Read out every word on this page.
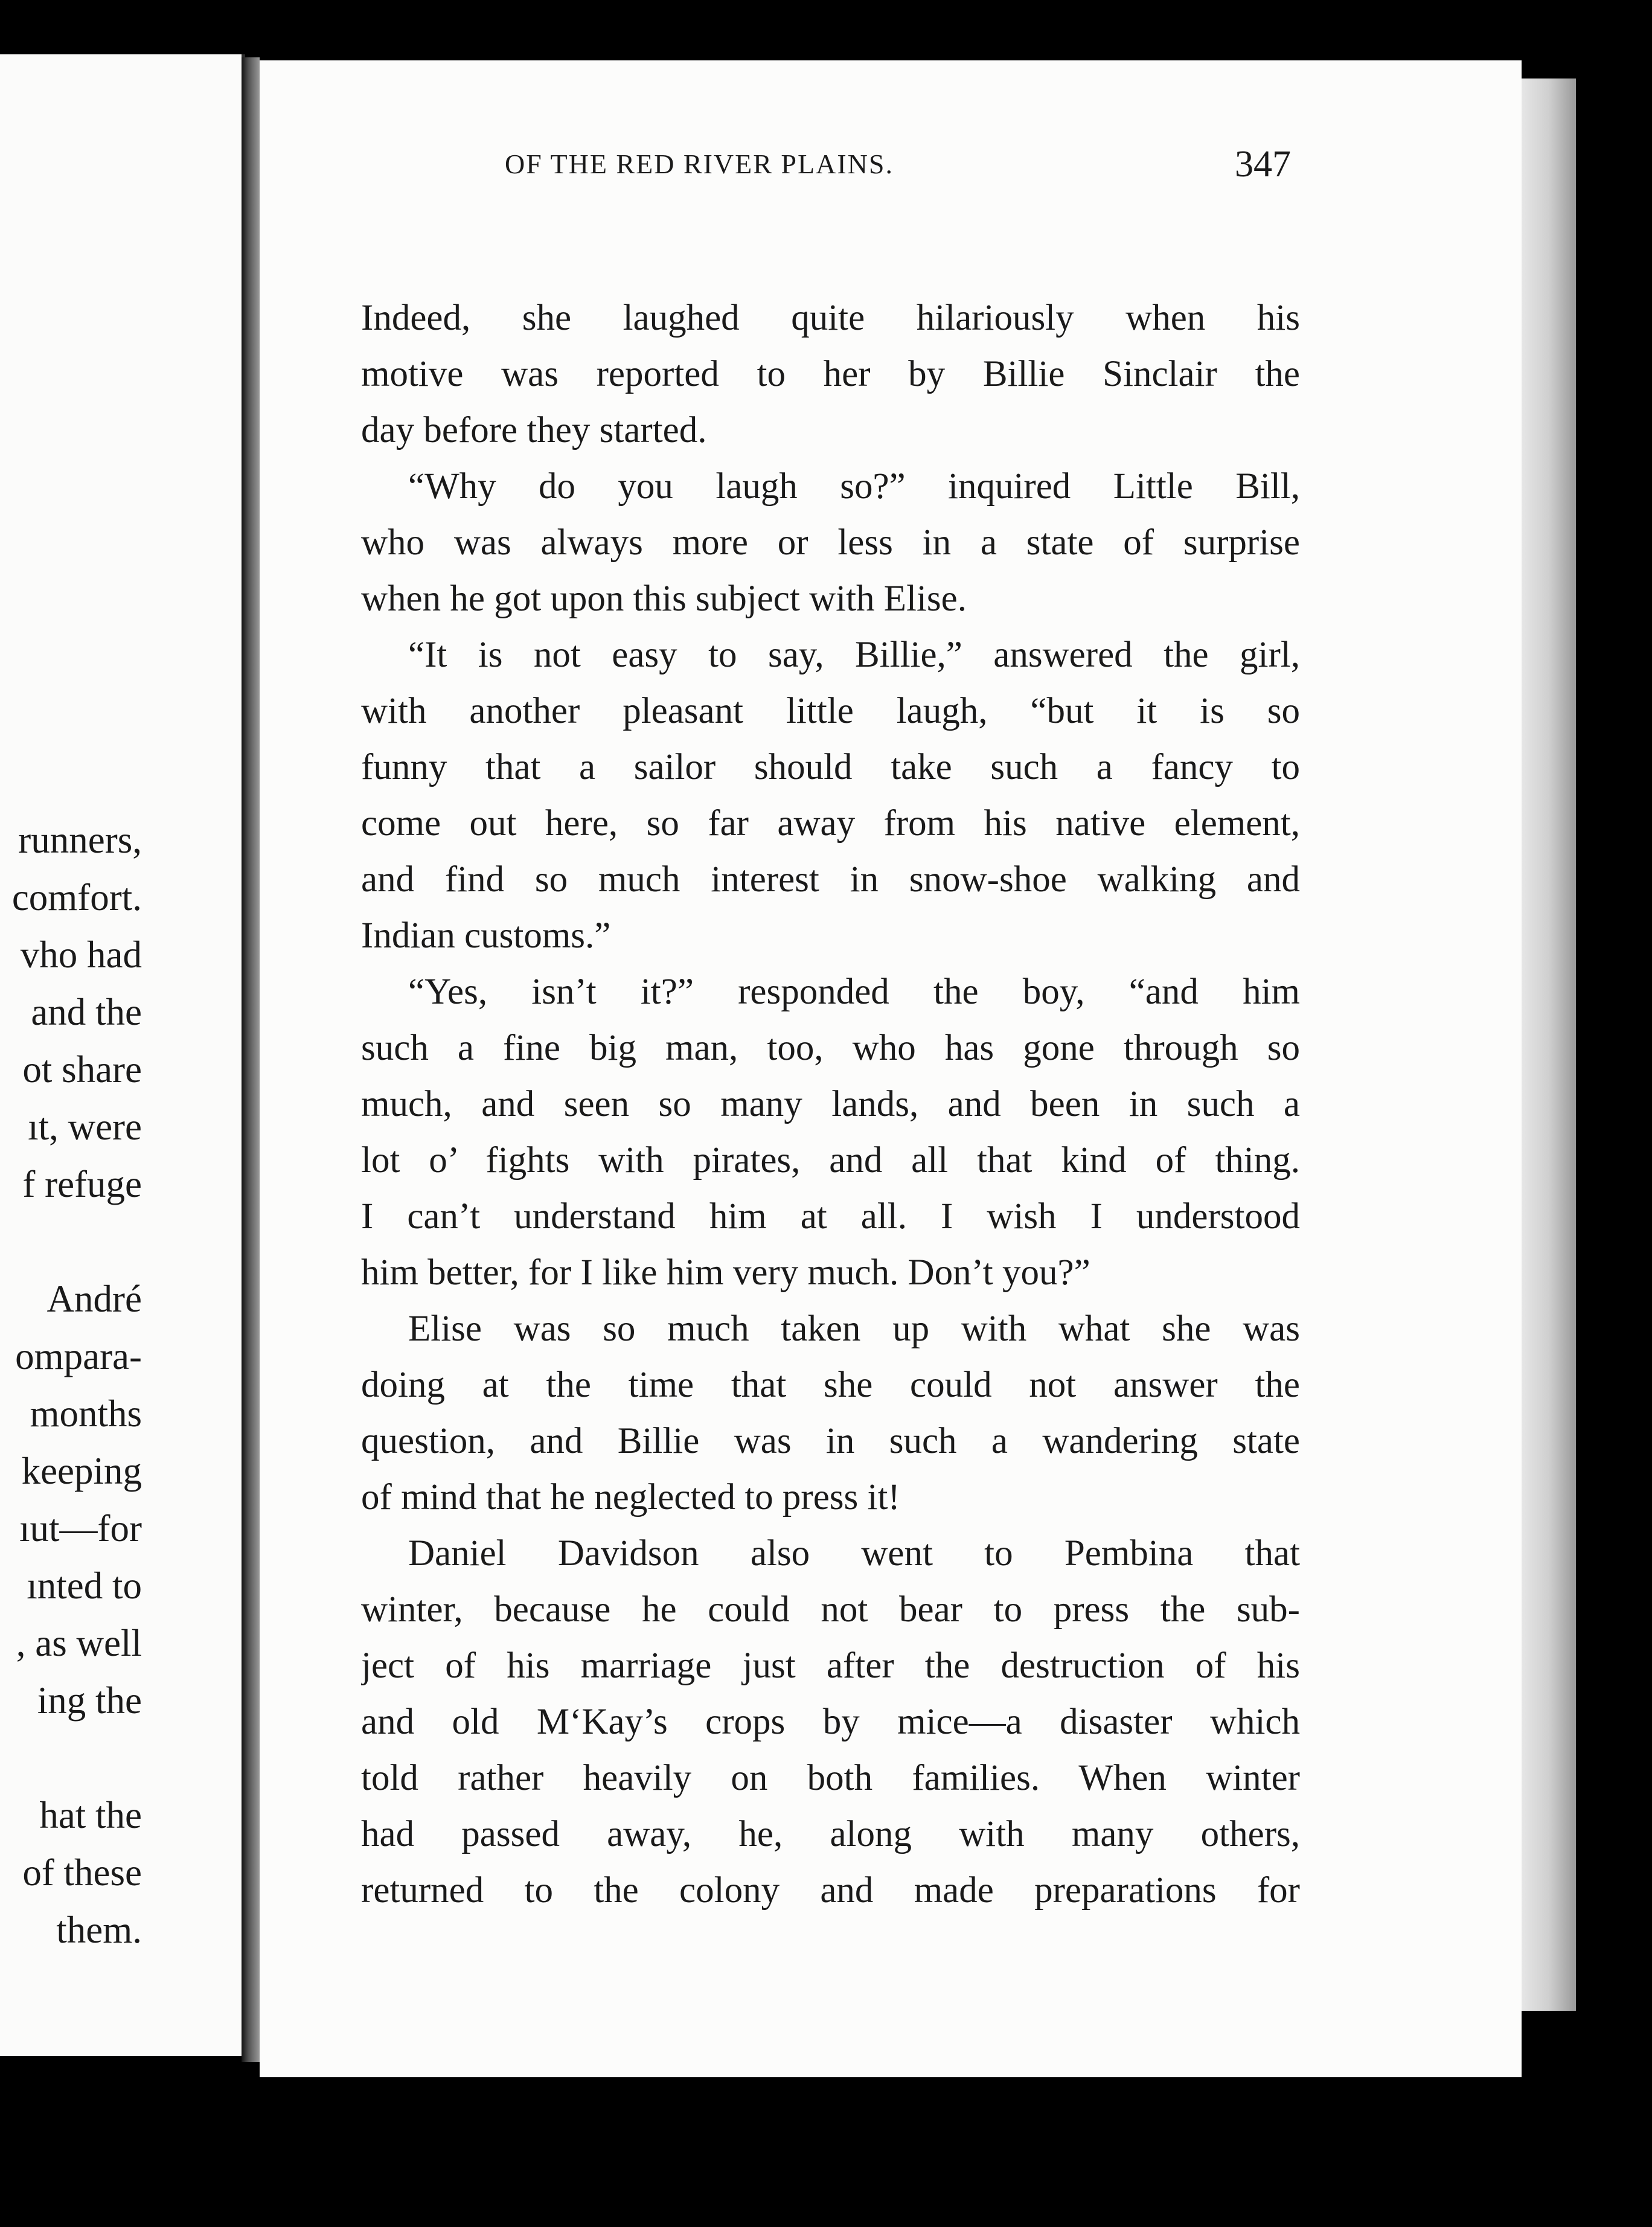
runners,
comfort.
vho had
and the
ot share
ıt, were
f refuge
André
ompara-
months
keeping
ıut—for
ınted to
, as well
ing the
hat the
of these
them.
OF THE RED RIVER PLAINS.	347
Indeed, she laughed quite hilariously when his
motive was reported to her by Billie Sinclair the
day before they started.
“Why do you laugh so?” inquired Little Bill,
who was always more or less in a state of surprise
when he got upon this subject with Elise.
“It is not easy to say, Billie,” answered the girl,
with another pleasant little laugh, “but it is so
funny that a sailor should take such a fancy to
come out here, so far away from his native element,
and find so much interest in snow-shoe walking and
Indian customs.”
“Yes, isn’t it?” responded the boy, “and him
such a fine big man, too, who has gone through so
much, and seen so many lands, and been in such a
lot o’ fights with pirates, and all that kind of thing.
I can’t understand him at all. I wish I understood
him better, for I like him very much. Don’t you?”
Elise was so much taken up with what she was
doing at the time that she could not answer the
question, and Billie was in such a wandering state
of mind that he neglected to press it!
Daniel Davidson also went to Pembina that
winter, because he could not bear to press the sub-
ject of his marriage just after the destruction of his
and old M‘Kay’s crops by mice—a disaster which
told rather heavily on both families. When winter
had passed away, he, along with many others,
returned to the colony and made preparations for
